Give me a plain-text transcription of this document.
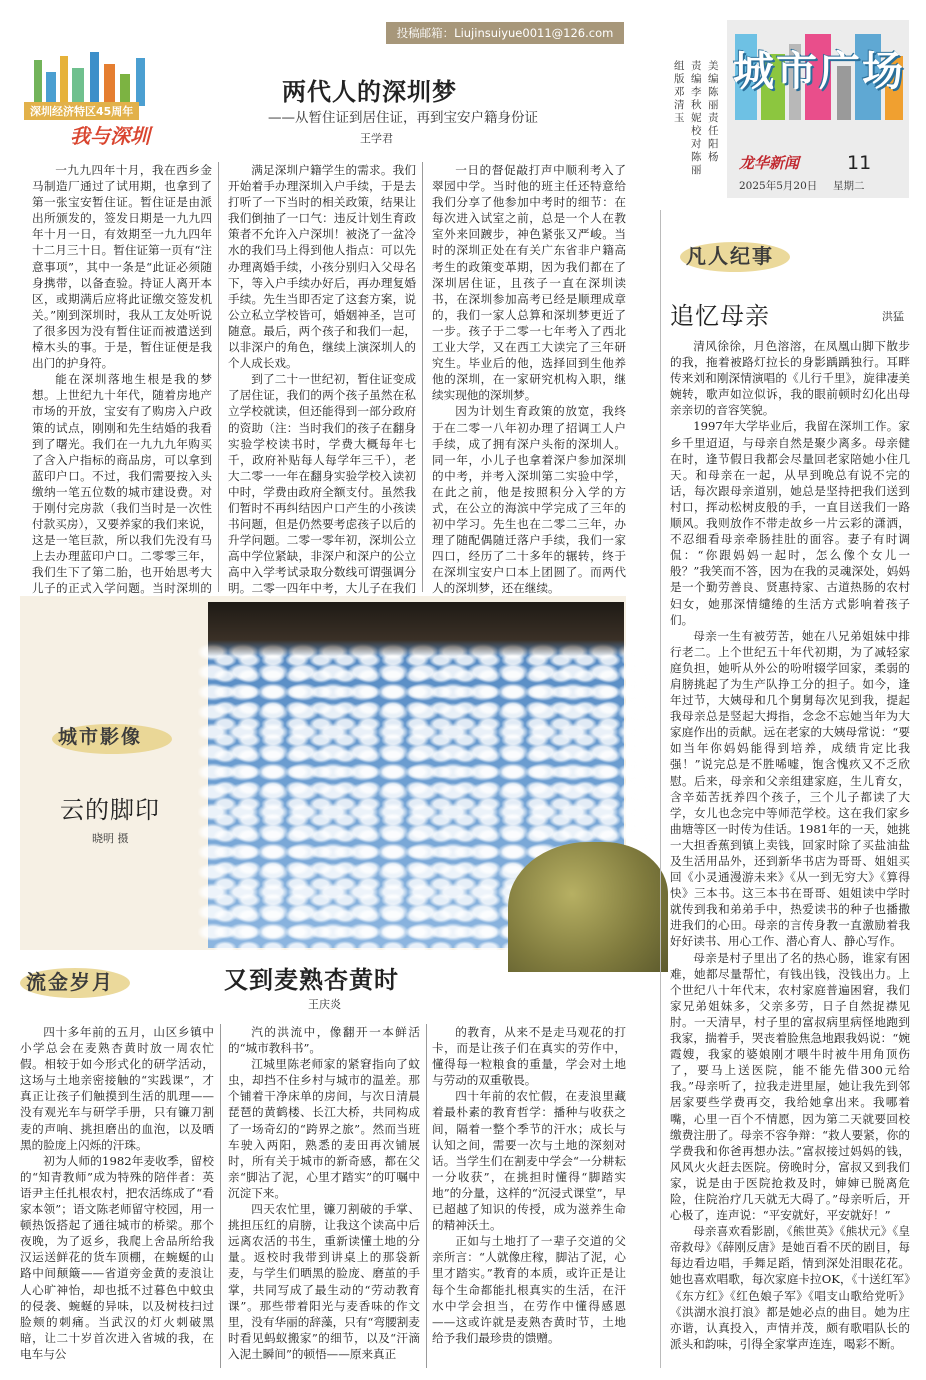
投稿邮箱：Liujinsuiyue0011@126.com
组版 邓清玉
责编 李秋妮 校对 陈丽
美编 陈丽 责任 阳杨
城市广场
龙华新闻	11
2025年5月20日 星期二
深圳经济特区45周年
我与深圳
两代人的深圳梦
——从暂住证到居住证，再到宝安户籍身份证
王学君

一九九四年十月，我在西乡金马制造厂通过了试用期，也拿到了第一张宝安暂住证。暂住证是由派出所颁发的，签发日期是一九九四年十月一日，有效期至一九九四年十二月三十日。暂住证第一页有“注意事项”，其中一条是“此证必须随身携带，以备查验。持证人离开本区，或期满后应将此证缴交签发机关。”刚到深圳时，我从工友处听说了很多因为没有暂住证而被遣送到樟木头的事。于是，暂住证便是我出门的护身符。

能在深圳落地生根是我的梦想。上世纪九十年代，随着房地产市场的开放，宝安有了购房入户政策的试点，刚刚和先生结婚的我看到了曙光。我们在一九九九年购买了含入户指标的商品房，可以拿到蓝印户口。不过，我们需要按入头缴纳一笔五位数的城市建设费。对于刚付完房款（我们当时是一次性付款买房），又要养家的我们来说，这是一笔巨款，所以我们先没有马上去办理蓝印户口。二零零三年，我们生下了第二胎，也开始思考大儿子的正式入学问题。当时深圳的

满足深圳户籍学生的需求。我们开始着手办理深圳入户手续，于是去打听了一下当时的相关政策，结果让我们倒抽了一口气：违反计划生育政策者不允许入户深圳！被浇了一盆冷水的我们马上得到他人指点：可以先办理离婚手续，小孩分别归入父母名下，等入户手续办好后，再办理复婚手续。先生当即否定了这套方案，说公立私立学校皆可，婚姻神圣，岂可随意。最后，两个孩子和我们一起，以非深户的角色，继续上演深圳人的个人成长戏。

到了二十一世纪初，暂住证变成了居住证，我们的两个孩子虽然在私立学校就读，但还能得到一部分政府的资助（注：当时我们的孩子在翻身实验学校读书时，学费大概每年七千，政府补贴每人每学年三千），老大二零一一年在翻身实验学校入读初中时，学费由政府全额支付。虽然我们暂时不再纠结因户口产生的小孩读书问题，但是仍然要考虑孩子以后的升学问题。二零一零年初，深圳公立高中学位紧缺，非深户和深户的公立高中入学考试录取分数线可谓强调分明。二零一四年中考，大儿子在我们

一日的督促敲打声中顺利考入了翠园中学。当时他的班主任还特意给我们分享了他参加中考时的细节：在每次进入试室之前，总是一个人在教室外来回踱步，神色紧张又严峻。当时的深圳正处在有关广东省非户籍高考生的政策变革期，因为我们都在了深圳居住证，且孩子一直在深圳读书，在深圳参加高考已经是顺理成章的，我们一家人总算和深圳梦更近了一步。孩子于二零一七年考入了西北工业大学，又在西工大读完了三年研究生。毕业后的他，选择回到生他养他的深圳，在一家研究机构入职，继续实现他的深圳梦。

因为计划生育政策的放宽，我终于在二零一八年初办理了招调工人户手续，成了拥有深户头衔的深圳人。同一年，小儿子也拿着深户参加深圳的中考，并考入深圳第二实验中学，在此之前，他是按照积分入学的方式，在公立的海滨中学完成了三年的初中学习。先生也在二零二三年，办理了随配偶随迁落户手续，我们一家四口，经历了二十多年的辗转，终于在深圳宝安户口本上团圆了。而两代人的深圳梦，还在继续。

城市影像
云的脚印
晓明 摄
流金岁月	又到麦熟杏黄时
王庆炎

四十多年前的五月，山区乡镇中小学总会在麦熟杏黄时放一周农忙假。相较于如今形式化的研学活动，这场与土地亲密接触的“实践课”，才真正让孩子们触摸到生活的肌理——没有观光车与研学手册，只有镰刀割麦的声响、挑担磨出的血泡，以及晒黑的脸庞上闪烁的汗珠。

初为人师的1982年麦收季，留校的“知青教师”成为特殊的陪伴者：英语尹主任扎根农村，把农活练成了“看家本领”；语文陈老师留守校园，用一顿热饭搭起了通往城市的桥梁。那个夜晚，为了返乡，我爬上舍品所给我汉运送鲜花的货车顶棚，在蜿蜒的山路中间颠簸——省道旁金黄的麦浪让人心旷神怡，却也抵不过暮色中蚊虫的侵袭、蜿蜒的异味，以及树枝扫过脸颊的刺痛。当武汉的灯火刺破黑暗，让二十岁首次进入省城的我，在电车与公

汽的洪流中，像翻开一本鲜活的“城市教科书”。

江城里陈老师家的紧窘指向了蚊虫，却挡不住乡村与城市的温差。那个铺着干净床单的房间，与次日清晨琵琶的黄鹤楼、长江大桥，共同构成了一场奇幻的“跨界之旅”。然而当班车驶入两阳，熟悉的麦田再次铺展时，所有关于城市的新奇感，都在父亲“脚沾了泥，心里才踏实”的叮嘱中沉淀下来。

四天农忙里，镰刀割破的手掌、挑担压红的肩膀，让我这个读高中后远离农活的书生，重新读懂土地的分量。返校时我带到讲桌上的那袋新麦，与学生们晒黑的脸庞、磨茧的手掌，共同写成了最生动的“劳动教育课”。那些带着阳光与麦香味的作文里，没有华丽的辞藻，只有“弯腰割麦时看见蚂蚁搬家”的细节，以及“汗滴入泥土瞬间”的顿悟——原来真正

的教育，从来不是走马观花的打卡，而是让孩子们在真实的劳作中，懂得每一粒粮食的重量，学会对土地与劳动的双重敬畏。

四十年前的农忙假，在麦浪里藏着最朴素的教育哲学：播种与收获之间，隔着一整个季节的汗水；成长与认知之间，需要一次与土地的深刻对话。当学生们在割麦中学会“一分耕耘一分收获”，在挑担时懂得“脚踏实地”的分量，这样的“沉浸式课堂”，早已超越了知识的传授，成为滋养生命的精神沃土。

正如与土地打了一辈子交道的父亲所言：“人就像庄稼，脚沾了泥，心里才踏实。”教育的本质，或许正是让每个生命都能扎根真实的生活，在汗水中学会担当，在劳作中懂得感恩——这或许就是麦熟杏黄时节，土地给予我们最珍贵的馈赠。

凡人纪事
追忆母亲	洪猛

清风徐徐，月色溶溶，在凤凰山脚下散步的我，拖着被路灯拉长的身影踽踽独行。耳畔传来刘和刚深情演唱的《儿行千里》，旋律凄美婉转，歌声如泣似诉，我的眼前顿时幻化出母亲亲切的音容笑貌。

1997年大学毕业后，我留在深圳工作。家乡千里迢迢，与母亲自然是聚少离多。母亲健在时，逢节假日我都会尽量回老家陪她小住几天。和母亲在一起，从早到晚总有说不完的话，每次跟母亲道别，她总是坚持把我们送到村口，挥动松树皮般的手，一直目送我们一路顺风。我则放作不带走故乡一片云彩的潇洒，不忍细看母亲牵肠挂肚的面容。妻子有时调侃：“你跟妈妈一起时，怎么像个女儿一般？”我笑而不答，因为在我的灵魂深处，妈妈是一个勤劳善良、贤惠持家、古道热肠的农村妇女，她那深情缱绻的生活方式影响着孩子们。

母亲一生有被劳苦，她在八兄弟姐妹中排行老二。上个世纪五十年代初期，为了减轻家庭负担，她听从外公的吩咐辍学回家，柔弱的肩膀挑起了为生产队挣工分的担子。如今，逢年过节，大姨母和几个舅舅每次见到我，提起我母亲总是竖起大拇指，念念不忘她当年为大家庭作出的贡献。远在老家的大姨母常说：“要如当年你妈妈能得到培养，成绩肯定比我强！”说完总是不胜唏嘘，饱含愧疚又不乏欣慰。后来，母亲和父亲组建家庭，生儿育女，含辛茹苦抚养四个孩子，三个儿子都读了大学，女儿也念完中等师范学校。这在我们家乡曲塘等区一时传为佳话。1981年的一天，她挑一大担香蕉到镇上卖钱，回家时除了买盐油盐及生活用品外，还到新华书店为哥哥、姐姐买回《小灵通漫游未来》《从一到无穷大》《算得快》三本书。这三本书在哥哥、姐姐读中学时就传到我和弟弟手中，热爱读书的种子也播撒进我们的心田。母亲的言传身教一直激励着我好好读书、用心工作、潜心育人、静心写作。

母亲是村子里出了名的热心肠，谁家有困难，她都尽量帮忙，有钱出钱，没钱出力。上个世纪八十年代末，农村家庭普遍困窘，我们家兄弟姐妹多，父亲多劳，日子自然捉襟见肘。一天清早，村子里的富叔病里病怪地跑到我家，揣着手，哭丧着脸焦急地跟我妈说：“婉霞嫂，我家的婆娘刚才喂牛时被牛用角顶伤了，要马上送医院，能不能先借300元给我。”母亲听了，拉我走进里屋，她让我先到邻居家要些学费再交，我给她拿出来。我哪着嘴，心里一百个不情愿，因为第二天就要回校缴费注册了。母亲不容争辩：“救人要紧，你的学费我和你爸再想办法。”富叔接过妈妈的钱，风风火火赶去医院。傍晚时分，富叔又到我们家，说是由于医院抢救及时，婶婶已脱离危险，住院治疗几天就无大碍了。”母亲听后，开心极了，连声说：“平安就好，平安就好！”

母亲喜欢看影剧，《熊世英》《熊状元》《皇帝救母》《薛刚反唐》是她百看不厌的剧目，每每边看边唱，手舞足蹈，情到深处泪眼花花。她也喜欢唱歌，每次家庭卡拉OK，《十送红军》《东方红》《红色娘子军》《唱支山歌给党听》《洪湖水浪打浪》都是她必点的曲目。她为庄亦谐，认真投入，声情并茂，颇有歌唱队长的派头和韵味，引得全家掌声连连，喝彩不断。
